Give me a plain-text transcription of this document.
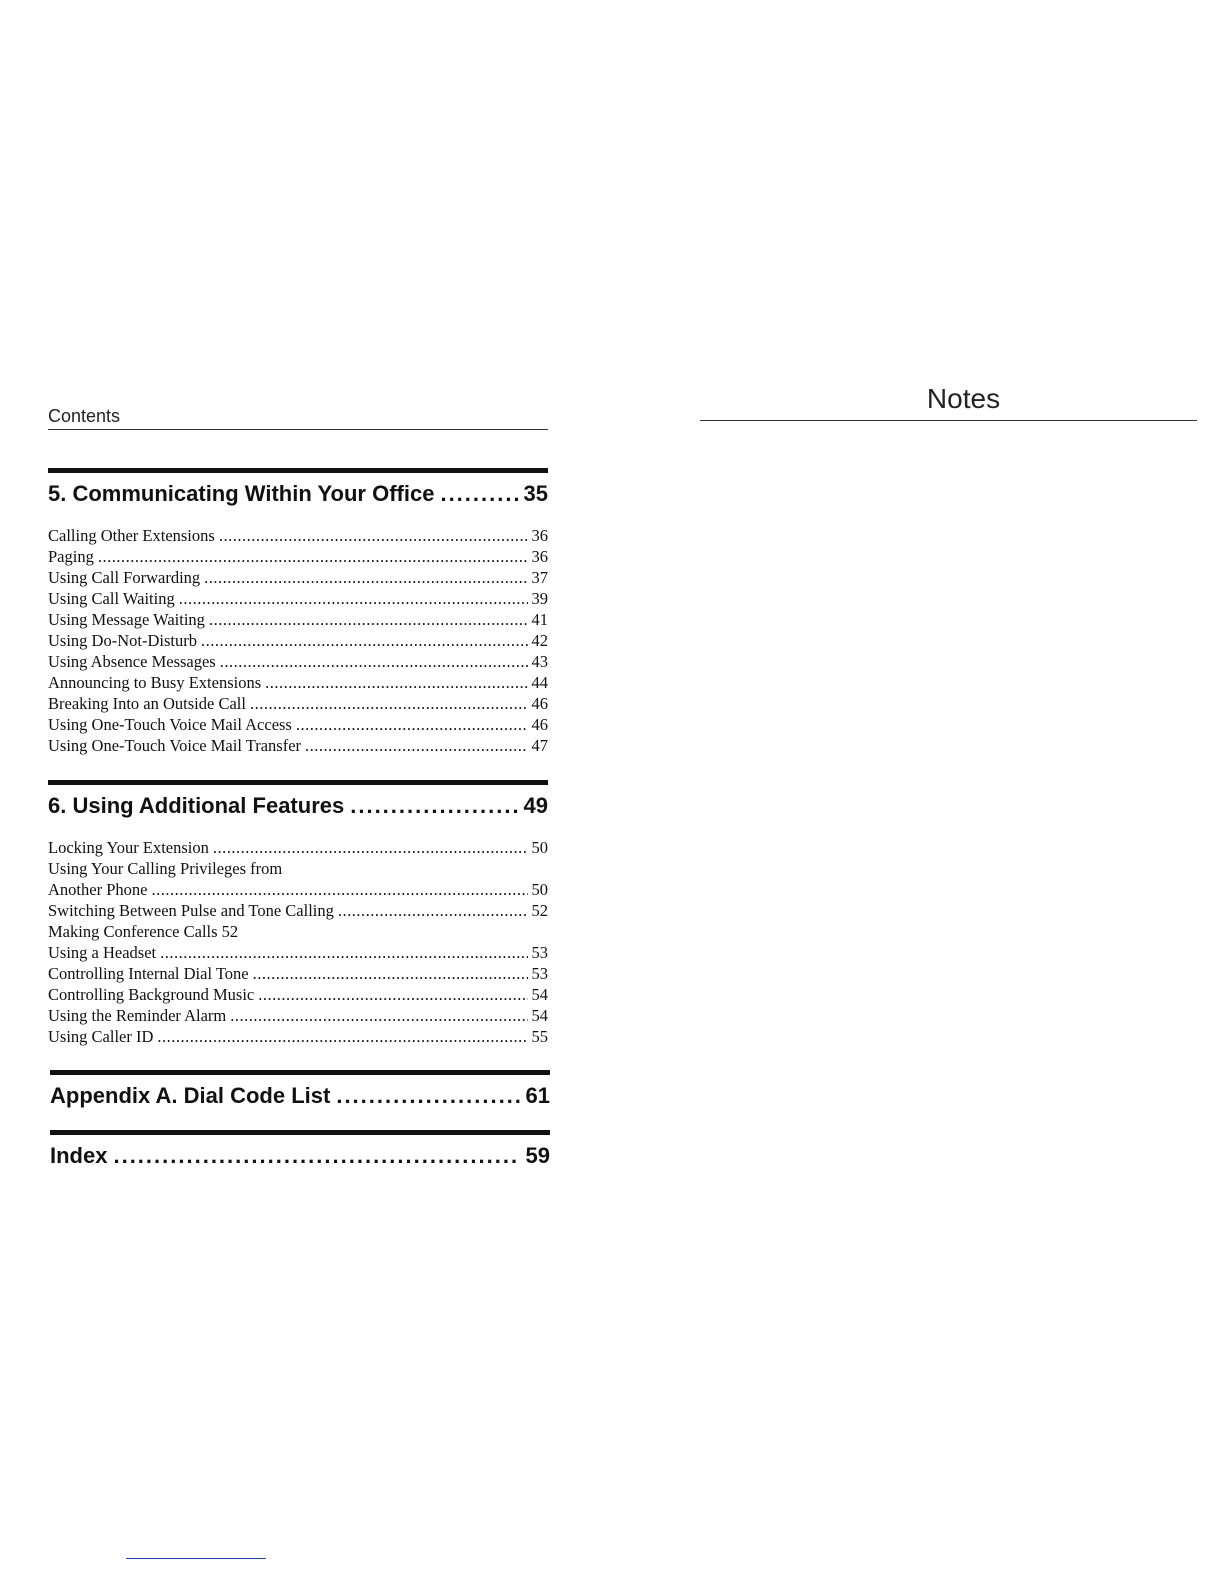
Contents
5. Communicating Within Your Office .....	35
Calling Other Extensions .....	36
Paging .....	36
Using Call Forwarding .....	37
Using Call Waiting .....	39
Using Message Waiting .....	41
Using Do-Not-Disturb .....	42
Using Absence Messages .....	43
Announcing to Busy Extensions .....	44
Breaking Into an Outside Call .....	46
Using One-Touch Voice Mail Access .....	46
Using One-Touch Voice Mail Transfer .....	47
6. Using Additional Features .....	49
Locking Your Extension .....	50
Using Your Calling Privileges from
Another Phone .....	50
Switching Between Pulse and Tone Calling .....	52
Making Conference Calls 52
Using a Headset .....	53
Controlling Internal Dial Tone .....	53
Controlling Background Music .....	54
Using the Reminder Alarm .....	54
Using Caller ID .....	55
Appendix A. Dial Code List .....	61
Index .....	59
Notes
